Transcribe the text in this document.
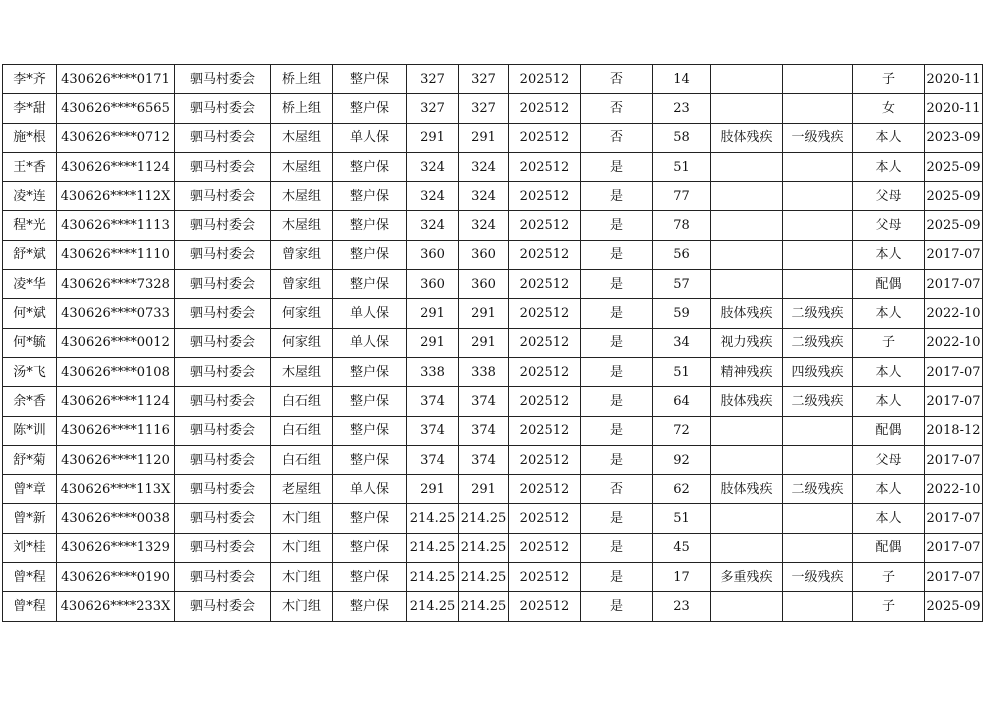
李*齐	430626****0171	驷马村委会	桥上组	整户保	327	327	202512	否	14			子	2020-11
李*甜	430626****6565	驷马村委会	桥上组	整户保	327	327	202512	否	23			女	2020-11
施*根	430626****0712	驷马村委会	木屋组	单人保	291	291	202512	否	58	肢体残疾	一级残疾	本人	2023-09
王*香	430626****1124	驷马村委会	木屋组	整户保	324	324	202512	是	51			本人	2025-09
凌*连	430626****112X	驷马村委会	木屋组	整户保	324	324	202512	是	77			父母	2025-09
程*光	430626****1113	驷马村委会	木屋组	整户保	324	324	202512	是	78			父母	2025-09
舒*斌	430626****1110	驷马村委会	曾家组	整户保	360	360	202512	是	56			本人	2017-07
凌*华	430626****7328	驷马村委会	曾家组	整户保	360	360	202512	是	57			配偶	2017-07
何*斌	430626****0733	驷马村委会	何家组	单人保	291	291	202512	是	59	肢体残疾	二级残疾	本人	2022-10
何*毓	430626****0012	驷马村委会	何家组	单人保	291	291	202512	是	34	视力残疾	二级残疾	子	2022-10
汤*飞	430626****0108	驷马村委会	木屋组	整户保	338	338	202512	是	51	精神残疾	四级残疾	本人	2017-07
余*香	430626****1124	驷马村委会	白石组	整户保	374	374	202512	是	64	肢体残疾	二级残疾	本人	2017-07
陈*训	430626****1116	驷马村委会	白石组	整户保	374	374	202512	是	72			配偶	2018-12
舒*菊	430626****1120	驷马村委会	白石组	整户保	374	374	202512	是	92			父母	2017-07
曾*章	430626****113X	驷马村委会	老屋组	单人保	291	291	202512	否	62	肢体残疾	二级残疾	本人	2022-10
曾*新	430626****0038	驷马村委会	木门组	整户保	214.25	214.25	202512	是	51			本人	2017-07
刘*桂	430626****1329	驷马村委会	木门组	整户保	214.25	214.25	202512	是	45			配偶	2017-07
曾*程	430626****0190	驷马村委会	木门组	整户保	214.25	214.25	202512	是	17	多重残疾	一级残疾	子	2017-07
曾*程	430626****233X	驷马村委会	木门组	整户保	214.25	214.25	202512	是	23			子	2025-09
